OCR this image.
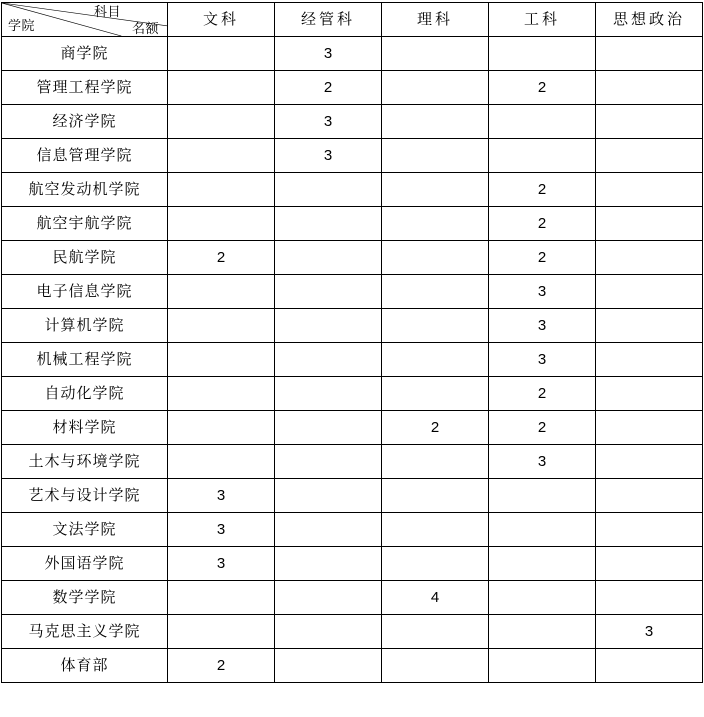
科目
名额
学院	文科	经管科	理科	工科	思想政治
商学院		3			
管理工程学院		2		2	
经济学院		3			
信息管理学院		3			
航空发动机学院				2	
航空宇航学院				2	
民航学院	2			2	
电子信息学院				3	
计算机学院				3	
机械工程学院				3	
自动化学院				2	
材料学院			2	2	
土木与环境学院				3	
艺术与设计学院	3				
文法学院	3				
外国语学院	3				
数学学院			4		
马克思主义学院					3
体育部	2				
